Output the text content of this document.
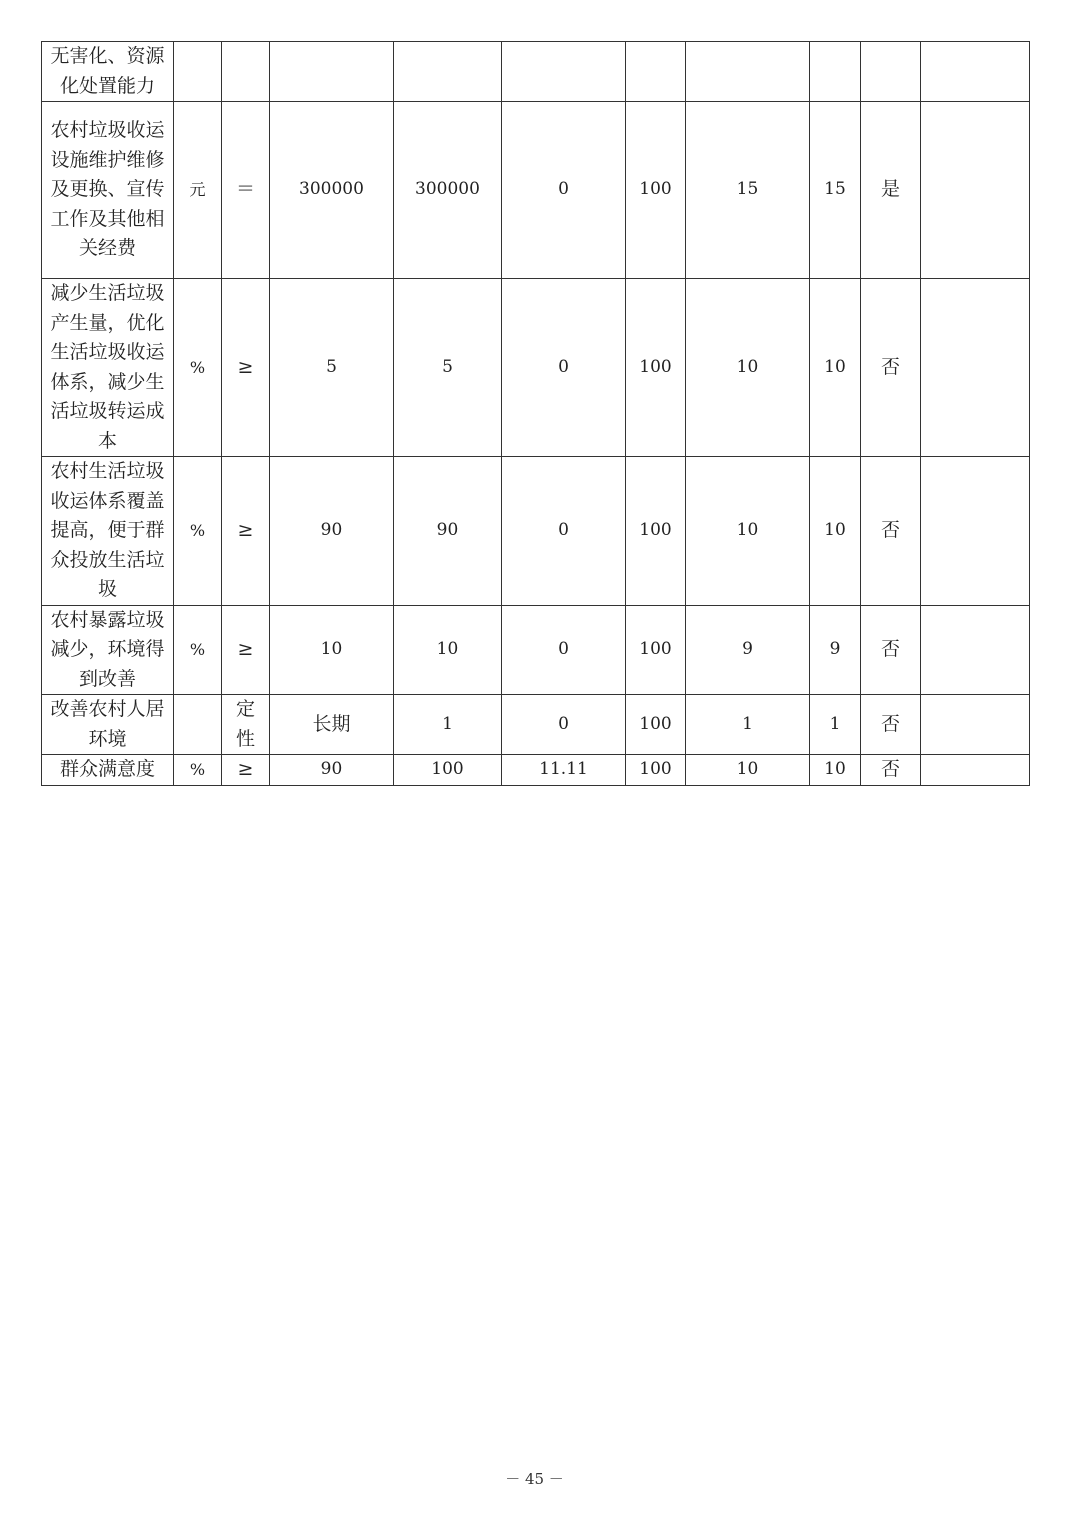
无害化、资源化处置能力										
农村垃圾收运设施维护维修及更换、宣传工作及其他相关经费	元	＝	300000	300000	0	100	15	15	是	
减少生活垃圾产生量，优化生活垃圾收运体系，减少生活垃圾转运成本	%	≥	5	5	0	100	10	10	否	
农村生活垃圾收运体系覆盖提高，便于群众投放生活垃圾	%	≥	90	90	0	100	10	10	否	
农村暴露垃圾减少，环境得到改善	%	≥	10	10	0	100	9	9	否	
改善农村人居环境		定性	长期	1	0	100	1	1	否	
群众满意度	%	≥	90	100	11.11	100	10	10	否	
－ 45 －
